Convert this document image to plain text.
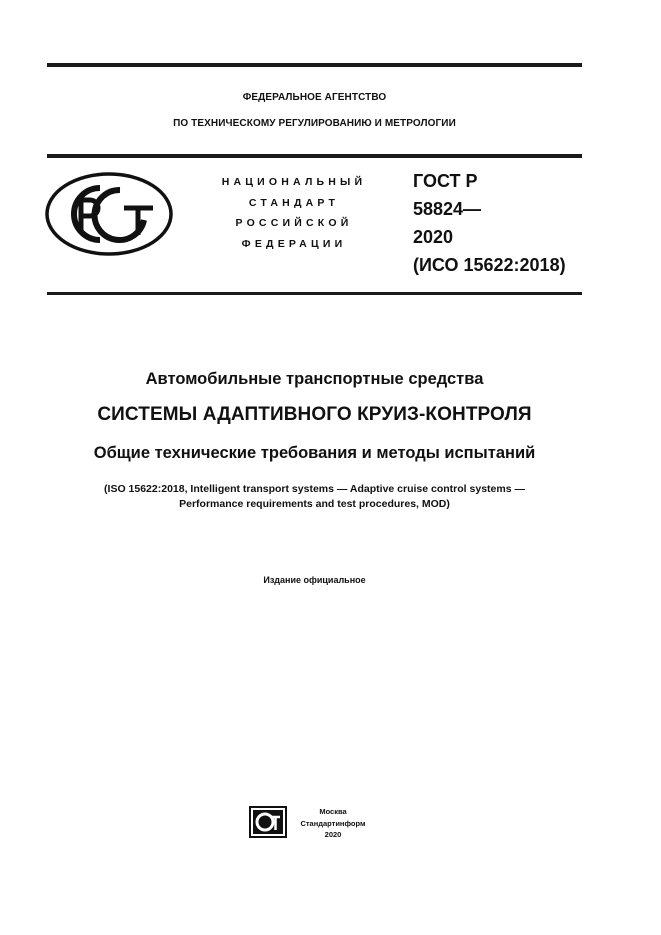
ФЕДЕРАЛЬНОЕ АГЕНТСТВО
ПО ТЕХНИЧЕСКОМУ РЕГУЛИРОВАНИЮ И МЕТРОЛОГИИ
НАЦИОНАЛЬНЫЙ
СТАНДАРТ
РОССИЙСКОЙ
ФЕДЕРАЦИИ
ГОСТ Р
58824—
2020
(ИСО 15622:2018)
Автомобильные транспортные средства
СИСТЕМЫ АДАПТИВНОГО КРУИЗ-КОНТРОЛЯ
Общие технические требования и методы испытаний
(ISO 15622:2018, Intelligent transport systems — Adaptive cruise control systems —
Performance requirements and test procedures, MOD)
Издание официальное
Москва
Стандартинформ
2020
